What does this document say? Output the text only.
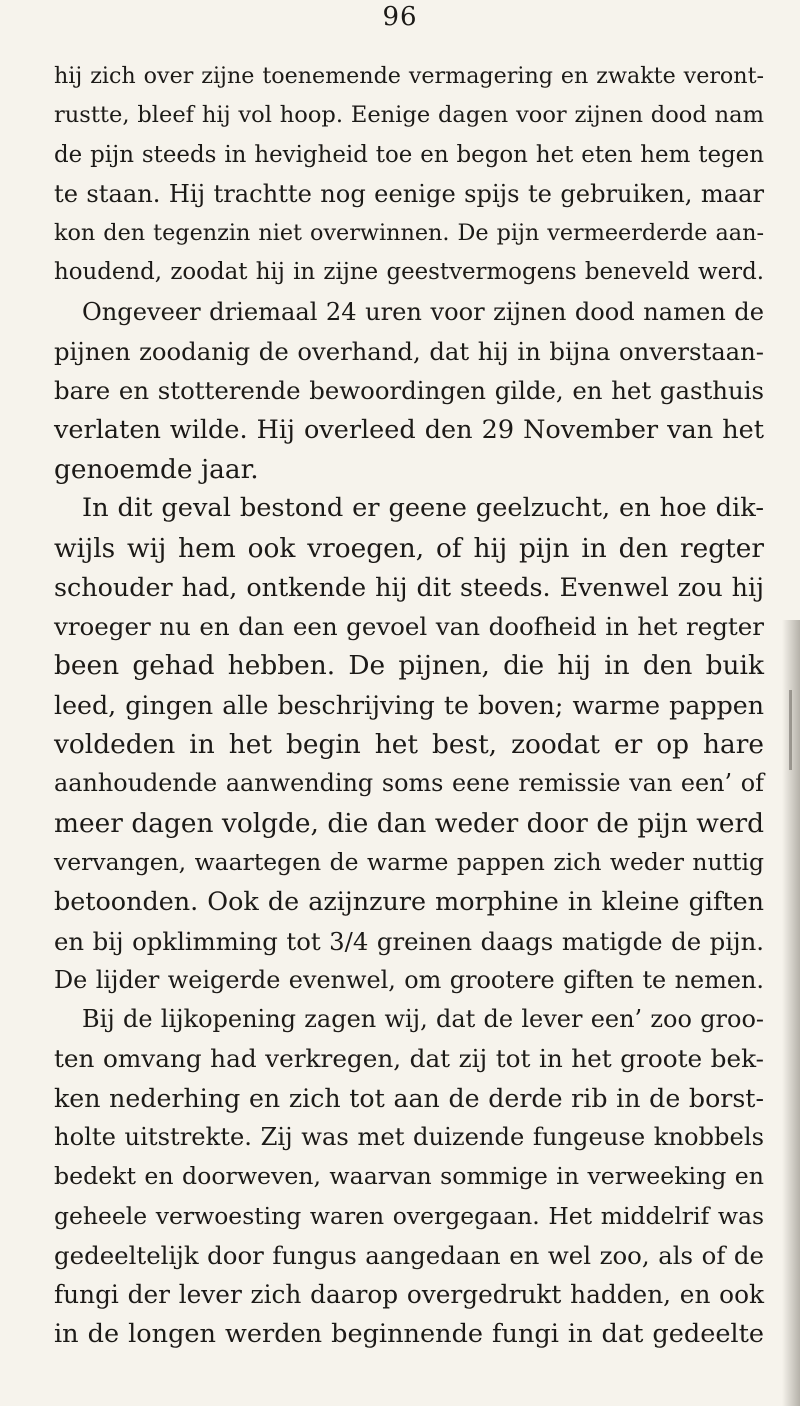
96
hij zich over zijne toenemende vermagering en zwakte veront-
rustte, bleef hij vol hoop. Eenige dagen voor zijnen dood nam
de pijn steeds in hevigheid toe en begon het eten hem tegen
te staan. Hij trachtte nog eenige spijs te gebruiken, maar
kon den tegenzin niet overwinnen. De pijn vermeerderde aan-
houdend, zoodat hij in zijne geestvermogens beneveld werd.
Ongeveer driemaal 24 uren voor zijnen dood namen de
pijnen zoodanig de overhand, dat hij in bijna onverstaan-
bare en stotterende bewoordingen gilde, en het gasthuis
verlaten wilde. Hij overleed den 29 November van het
genoemde jaar.
In dit geval bestond er geene geelzucht, en hoe dik-
wijls wij hem ook vroegen, of hij pijn in den regter
schouder had, ontkende hij dit steeds. Evenwel zou hij
vroeger nu en dan een gevoel van doofheid in het regter
been gehad hebben. De pijnen, die hij in den buik
leed, gingen alle beschrijving te boven; warme pappen
voldeden in het begin het best, zoodat er op hare
aanhoudende aanwending soms eene remissie van een’ of
meer dagen volgde, die dan weder door de pijn werd
vervangen, waartegen de warme pappen zich weder nuttig
betoonden. Ook de azijnzure morphine in kleine giften
en bij opklimming tot 3/4 greinen daags matigde de pijn.
De lijder weigerde evenwel, om grootere giften te nemen.
Bij de lijkopening zagen wij, dat de lever een’ zoo groo-
ten omvang had verkregen, dat zij tot in het groote bek-
ken nederhing en zich tot aan de derde rib in de borst-
holte uitstrekte. Zij was met duizende fungeuse knobbels
bedekt en doorweven, waarvan sommige in verweeking en
geheele verwoesting waren overgegaan. Het middelrif was
gedeeltelijk door fungus aangedaan en wel zoo, als of de
fungi der lever zich daarop overgedrukt hadden, en ook
in de longen werden beginnende fungi in dat gedeelte
